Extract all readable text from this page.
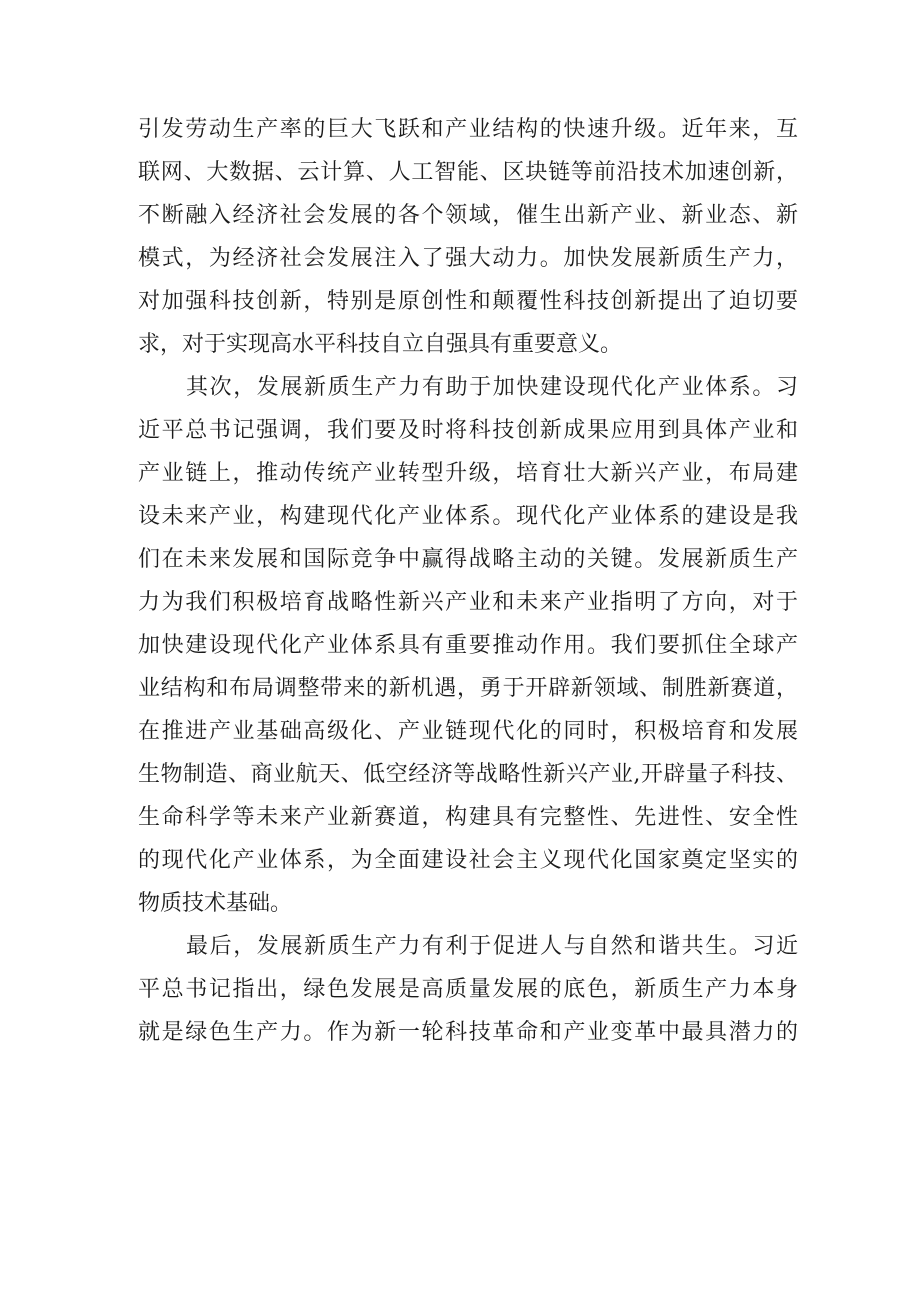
引发劳动生产率的巨大飞跃和产业结构的快速升级。近年来，互
联网、大数据、云计算、人工智能、区块链等前沿技术加速创新，
不断融入经济社会发展的各个领域，催生出新产业、新业态、新
模式，为经济社会发展注入了强大动力。加快发展新质生产力，
对加强科技创新，特别是原创性和颠覆性科技创新提出了迫切要
求，对于实现高水平科技自立自强具有重要意义。
其次，发展新质生产力有助于加快建设现代化产业体系。习
近平总书记强调，我们要及时将科技创新成果应用到具体产业和
产业链上，推动传统产业转型升级，培育壮大新兴产业，布局建
设未来产业，构建现代化产业体系。现代化产业体系的建设是我
们在未来发展和国际竞争中赢得战略主动的关键。发展新质生产
力为我们积极培育战略性新兴产业和未来产业指明了方向，对于
加快建设现代化产业体系具有重要推动作用。我们要抓住全球产
业结构和布局调整带来的新机遇，勇于开辟新领域、制胜新赛道，
在推进产业基础高级化、产业链现代化的同时，积极培育和发展
生物制造、商业航天、低空经济等战略性新兴产业,开辟量子科技、
生命科学等未来产业新赛道，构建具有完整性、先进性、安全性
的现代化产业体系，为全面建设社会主义现代化国家奠定坚实的
物质技术基础。
最后，发展新质生产力有利于促进人与自然和谐共生。习近
平总书记指出，绿色发展是高质量发展的底色，新质生产力本身
就是绿色生产力。作为新一轮科技革命和产业变革中最具潜力的
